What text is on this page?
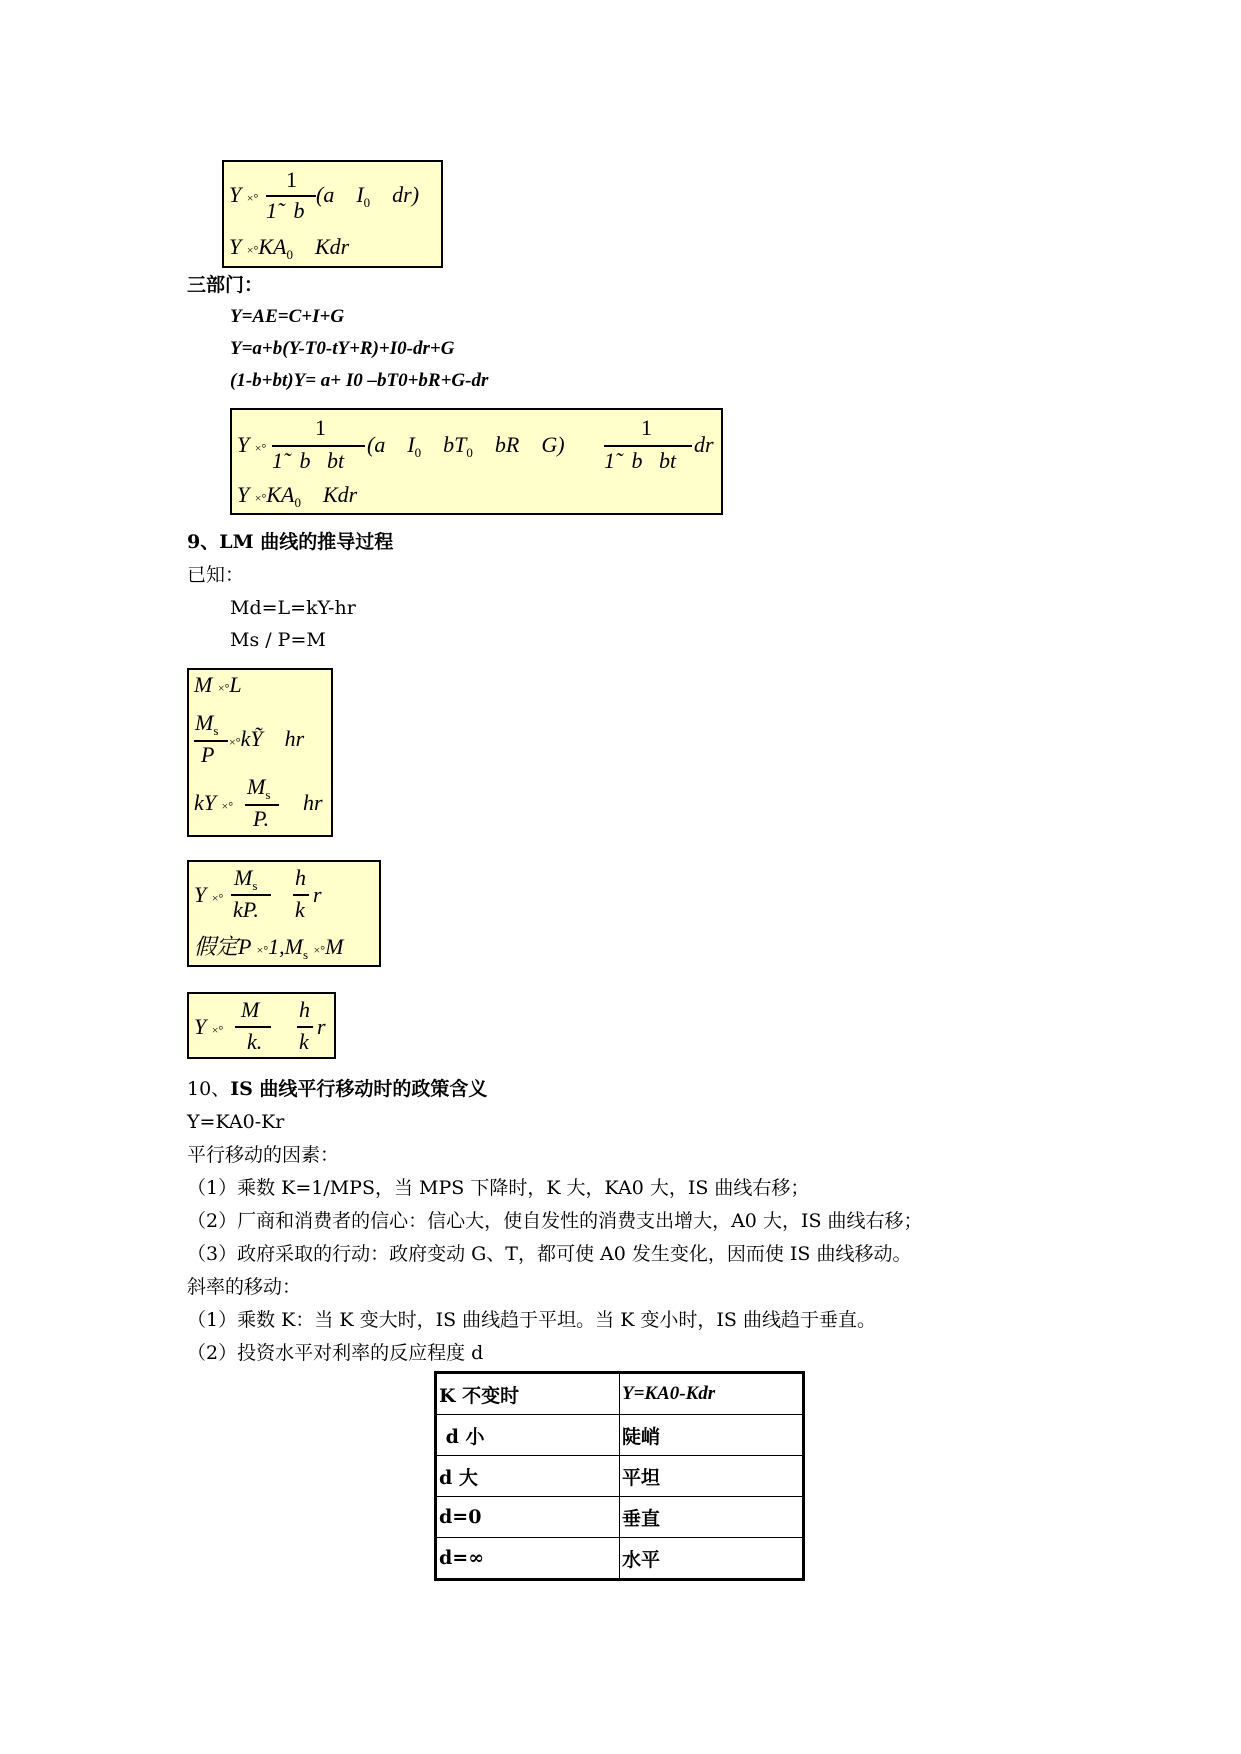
Y ×°
1
1̃   b
(a    $I_0$    dr)
$Y \times^\circ KA_0$    Kdr
三部门：
Y=AE=C+I+G
Y=a+b(Y-T0-tY+R)+I0-dr+G
(1-b+bt)Y= a+ I0 –bT0+bR+G-dr
Y ×°
1
1̃   b   bt
(a    $I_0$    $bT_0$    bR    G)
1
1̃   b   bt
dr
$Y \times^\circ KA_0$    Kdr
9、LM 曲线的推导过程
已知：
Md=L=kY-hr
Ms / P=M
M ×°L
$M_s$
P ×°kY    hr
kY ×°
$M_s$
P.
hr
Y ×°
$M_s$
kP.
h
k
r
假定$P \times^\circ 1,M_s \times^\circ M$
Y ×°
M
k.
h
k
r
10、IS 曲线平行移动时的政策含义
Y=KA0-Kr
平行移动的因素：
（1）乘数 K=1/MPS，当 MPS 下降时，K 大，KA0 大，IS 曲线右移；
（2）厂商和消费者的信心：信心大，使自发性的消费支出增大，A0 大，IS 曲线右移；
（3）政府采取的行动：政府变动 G、T，都可使 A0 发生变化，因而使 IS 曲线移动。
斜率的移动：
（1）乘数 K：当 K 变大时，IS 曲线趋于平坦。当 K 变小时，IS 曲线趋于垂直。
（2）投资水平对利率的反应程度 d
K 不变时	Y=KA0-Kdr
d 小	陡峭
d 大	平坦
d=0	垂直
d=∞	水平
